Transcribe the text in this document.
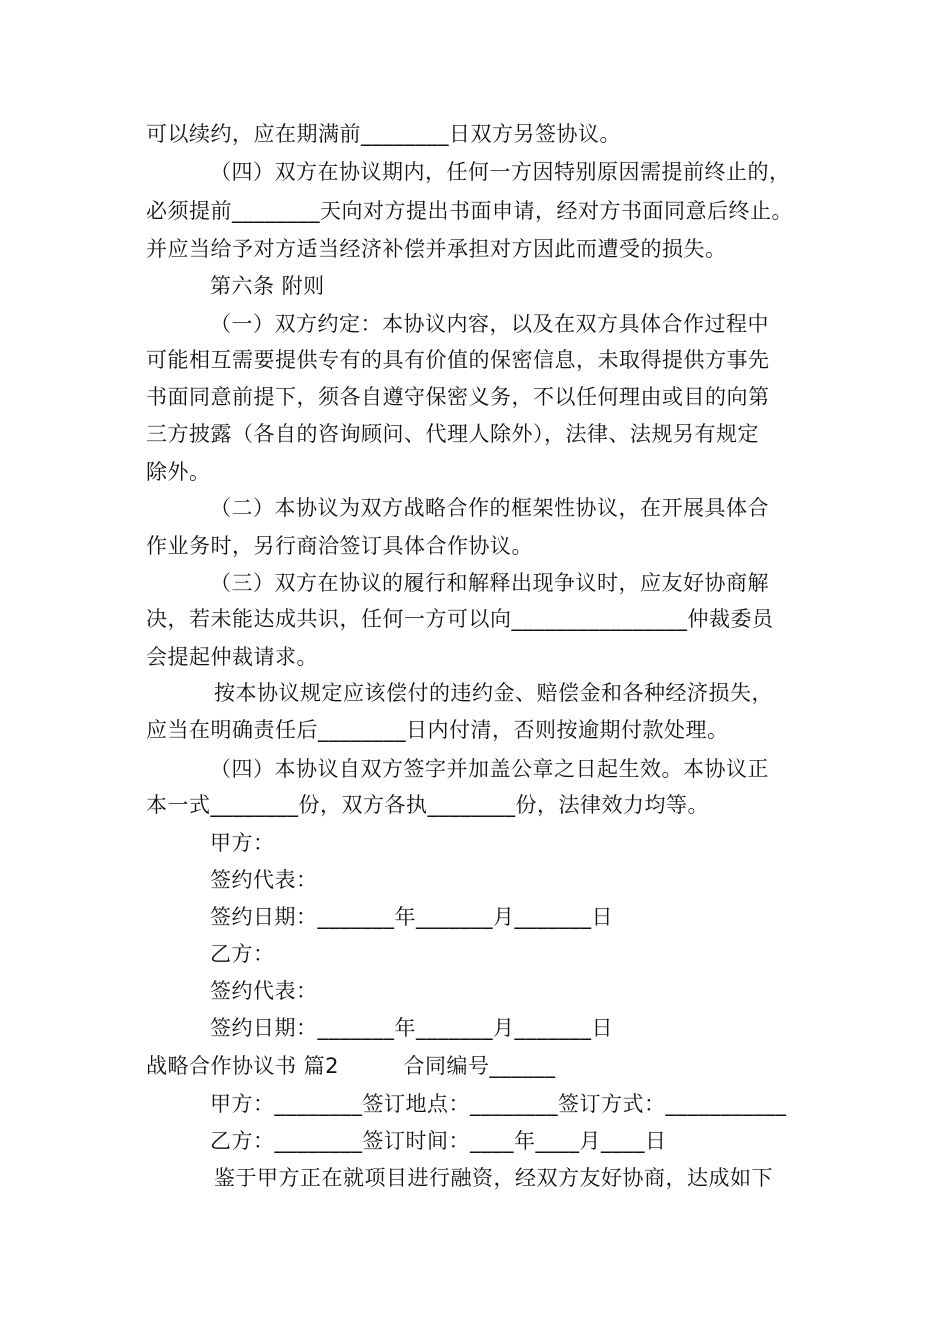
可以续约，应在期满前________日双方另签协议。
（四）双方在协议期内，任何一方因特别原因需提前终止的，
必须提前________天向对方提出书面申请，经对方书面同意后终止。
并应当给予对方适当经济补偿并承担对方因此而遭受的损失。
第六条 附则
（一）双方约定：本协议内容，以及在双方具体合作过程中
可能相互需要提供专有的具有价值的保密信息，未取得提供方事先
书面同意前提下，须各自遵守保密义务，不以任何理由或目的向第
三方披露（各自的咨询顾问、代理人除外），法律、法规另有规定
除外。
（二）本协议为双方战略合作的框架性协议，在开展具体合
作业务时，另行商洽签订具体合作协议。
（三）双方在协议的履行和解释出现争议时，应友好协商解
决，若未能达成共识，任何一方可以向________________仲裁委员
会提起仲裁请求。
按本协议规定应该偿付的违约金、赔偿金和各种经济损失，
应当在明确责任后________日内付清，否则按逾期付款处理。
（四）本协议自双方签字并加盖公章之日起生效。本协议正
本一式________份，双方各执________份，法律效力均等。
甲方：
签约代表：
签约日期：_______年_______月_______日
乙方：
签约代表：
签约日期：_______年_______月_______日
战略合作协议书 篇2　　　合同编号______
甲方：________签订地点：________签订方式：___________
乙方：________签订时间：____年____月____日
鉴于甲方正在就项目进行融资，经双方友好协商，达成如下
